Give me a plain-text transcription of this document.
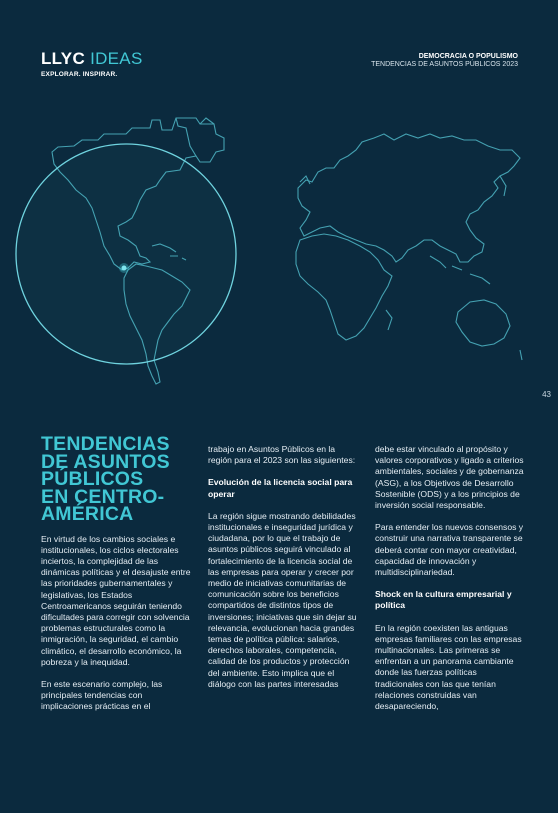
LLYC IDEAS
EXPLORAR. INSPIRAR.
DEMOCRACIA O POPULISMO
TENDENCIAS DE ASUNTOS PÚBLICOS 2023
43
TENDENCIAS
DE ASUNTOS
PÚBLICOS
EN CENTRO-
AMÉRICA

En virtud de los cambios sociales e institucionales, los ciclos electorales inciertos, la complejidad de las dinámicas políticas y el desajuste entre las prioridades gubernamentales y legislativas, los Estados Centroamericanos seguirán teniendo dificultades para corregir con solvencia problemas estructurales como la inmigración, la seguridad, el cambio climático, el desarrollo económico, la pobreza y la inequidad.

En este escenario complejo, las principales tendencias con implicaciones prácticas en el

trabajo en Asuntos Públicos en la región para el 2023 son las siguientes:

Evolución de la licencia social para operar

La región sigue mostrando debilidades institucionales e inseguridad jurídica y ciudadana, por lo que el trabajo de asuntos públicos seguirá vinculado al fortalecimiento de la licencia social de las empresas para operar y crecer por medio de iniciativas comunitarias de comunicación sobre los beneficios compartidos de distintos tipos de inversiones; iniciativas que sin dejar su relevancia, evolucionan hacia grandes temas de política pública: salarios, derechos laborales, competencia, calidad de los productos y protección del ambiente. Esto implica que el diálogo con las partes interesadas

debe estar vinculado al propósito y valores corporativos y ligado a criterios ambientales, sociales y de gobernanza (ASG), a los Objetivos de Desarrollo Sostenible (ODS) y a los principios de inversión social responsable.

Para entender los nuevos consensos y construir una narrativa transparente se deberá contar con mayor creatividad, capacidad de innovación y multidisciplinariedad.

Shock en la cultura empresarial y política

En la región coexisten las antiguas empresas familiares con las empresas multinacionales. Las primeras se enfrentan a un panorama cambiante donde las fuerzas políticas tradicionales con las que tenían relaciones construidas van desapareciendo,
